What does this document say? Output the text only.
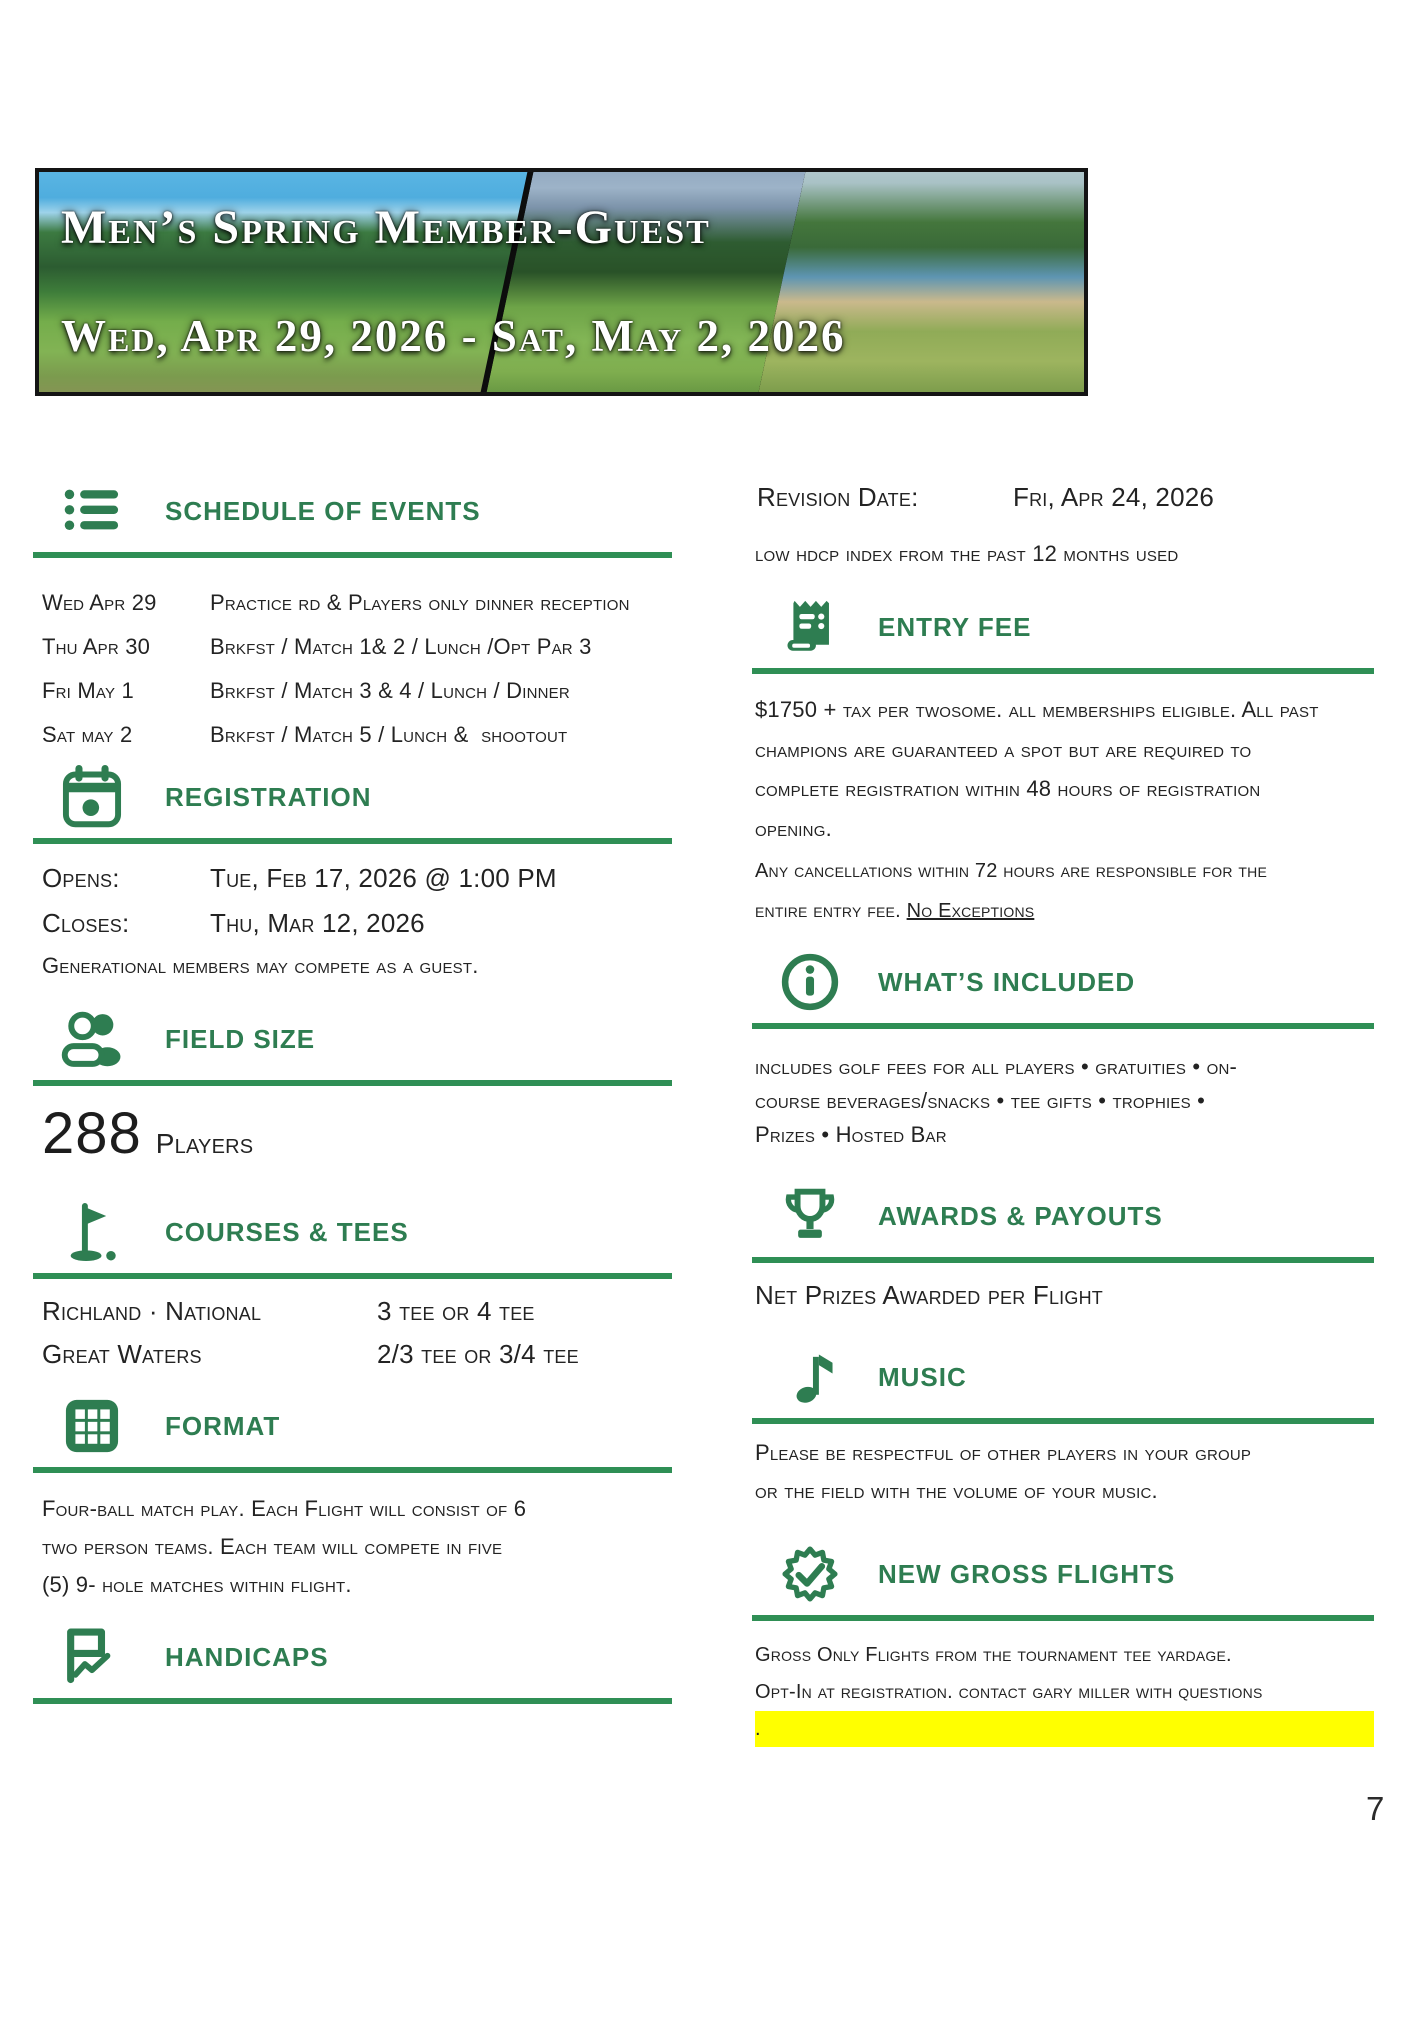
Men’s Spring Member-Guest
Wed, Apr 29, 2026 - Sat, May 2, 2026
SCHEDULE OF EVENTS
Wed Apr 29	Practice rd & Players only dinner reception
Thu Apr 30	Brkfst / Match 1& 2 / Lunch /Opt Par 3
Fri May 1	Brkfst / Match 3 & 4 / Lunch / Dinner
Sat may 2	Brkfst / Match 5 / Lunch &  shootout
REGISTRATION
Opens:	Tue, Feb 17, 2026 @ 1:00 PM
Closes:	Thu, Mar 12, 2026
Generational members may compete as a guest.
FIELD SIZE
288 Players
COURSES & TEES
Richland · National	3 tee or 4 tee
Great Waters	2/3 tee or 3/4 tee
FORMAT
Four-ball match play. Each Flight will consist of 6
two person teams. Each team will compete in five
(5) 9- hole matches within flight.
HANDICAPS
Revision Date:	Fri, Apr 24, 2026
low hdcp index from the past 12 months used
ENTRY FEE
$1750 + tax per twosome. all memberships eligible. All past
champions are guaranteed a spot but are required to
complete registration within 48 hours of registration
opening.
Any cancellations within 72 hours are responsible for the
entire entry fee. No Exceptions
WHAT’S INCLUDED
includes golf fees for all players • gratuities • on-
course beverages/snacks • tee gifts • trophies •
Prizes • Hosted Bar
AWARDS & PAYOUTS
Net Prizes Awarded per Flight
MUSIC
Please be respectful of other players in your group
or the field with the volume of your music.
NEW GROSS FLIGHTS
Gross Only Flights from the tournament tee yardage.
Opt-In at registration. contact gary miller with questions
.
7
